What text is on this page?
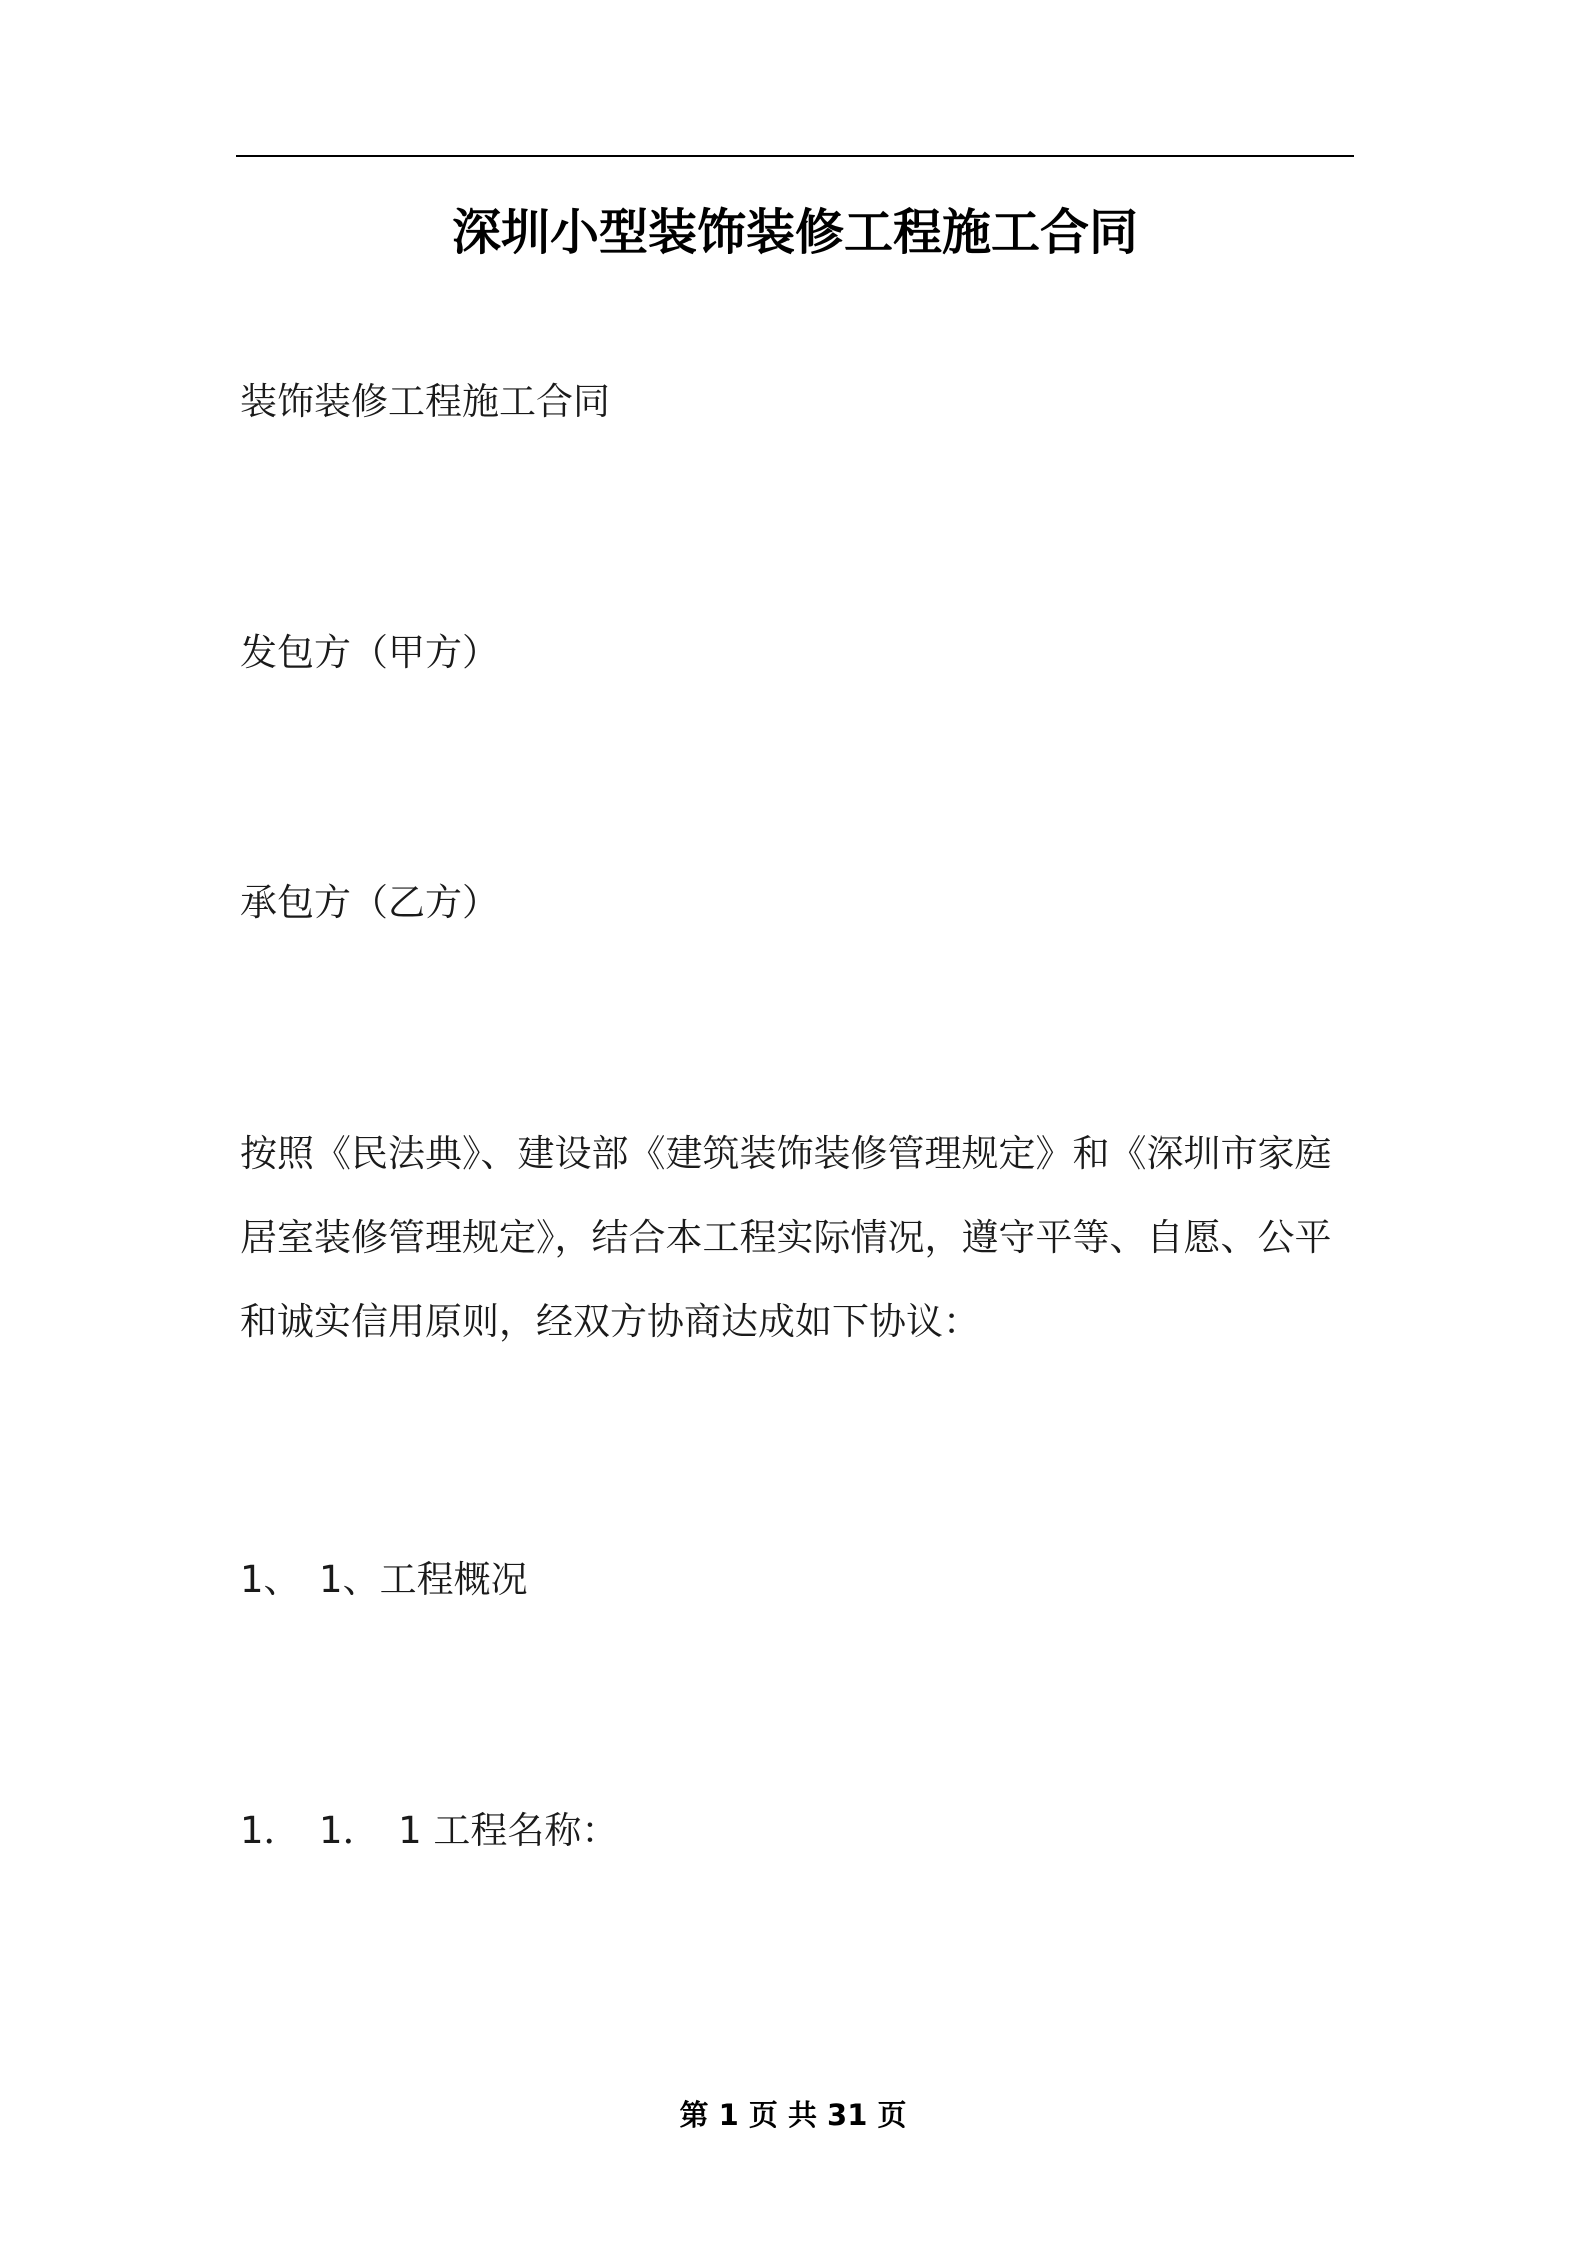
深圳小型装饰装修工程施工合同
装饰装修工程施工合同
发包方（甲方）
承包方（乙方）
按照《民法典》、建设部《建筑装饰装修管理规定》和《深圳市家庭
居室装修管理规定》，结合本工程实际情况，遵守平等、自愿、公平
和诚实信用原则，经双方协商达成如下协议：
1、　1、工程概况
1．　1．　1 工程名称：
第 1 页 共 31 页
